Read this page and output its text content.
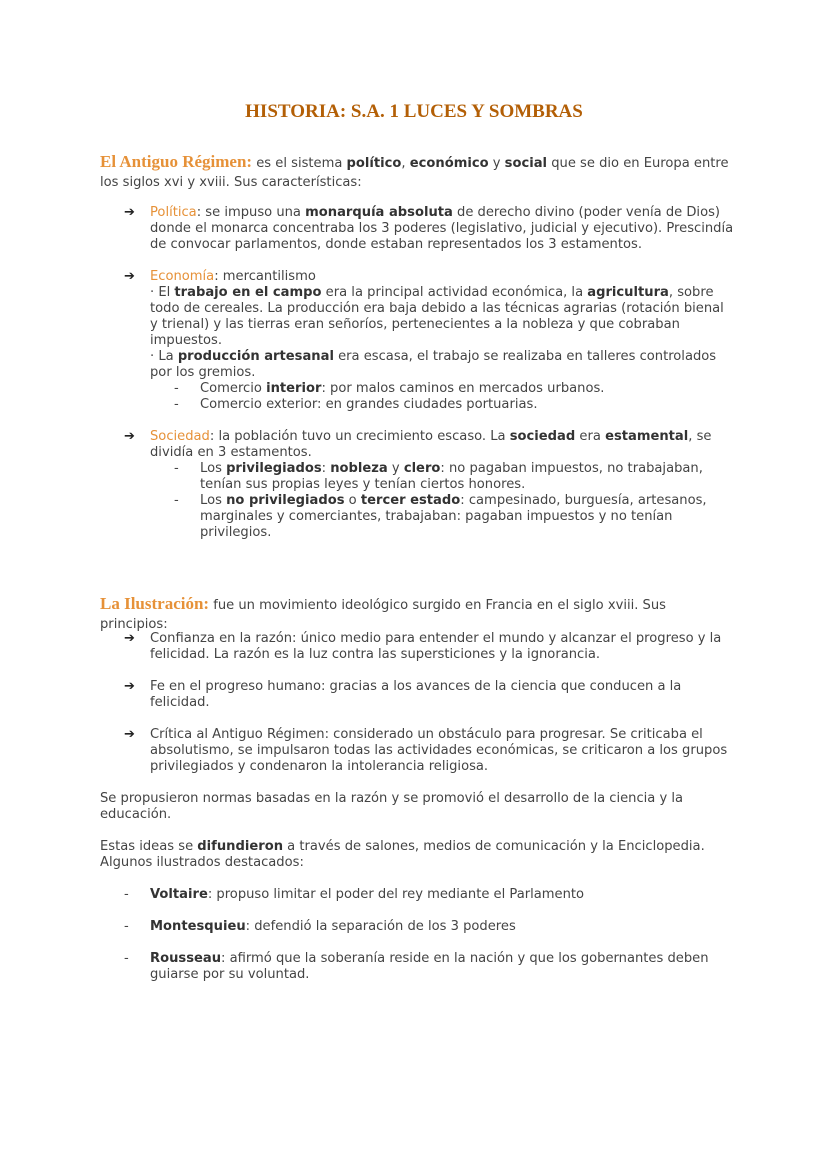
HISTORIA: S.A. 1 LUCES Y SOMBRAS
El Antiguo Régimen: es el sistema político, económico y social que se dio en Europa entre los siglos xvi y xviii. Sus características:
➔	Política: se impuso una monarquía absoluta de derecho divino (poder venía de Dios) donde el monarca concentraba los 3 poderes (legislativo, judicial y ejecutivo). Prescindía de convocar parlamentos, donde estaban representados los 3 estamentos.
➔	Economía: mercantilismo
· El trabajo en el campo era la principal actividad económica, la agricultura, sobre todo de cereales. La producción era baja debido a las técnicas agrarias (rotación bienal y trienal) y las tierras eran señoríos, pertenecientes a la nobleza y que cobraban impuestos.
· La producción artesanal era escasa, el trabajo se realizaba en talleres controlados por los gremios.
- Comercio interior: por malos caminos en mercados urbanos.
- Comercio exterior: en grandes ciudades portuarias.
➔	Sociedad: la población tuvo un crecimiento escaso. La sociedad era estamental, se dividía en 3 estamentos.
- Los privilegiados: nobleza y clero: no pagaban impuestos, no trabajaban, tenían sus propias leyes y tenían ciertos honores.
- Los no privilegiados o tercer estado: campesinado, burguesía, artesanos, marginales y comerciantes, trabajaban: pagaban impuestos y no tenían privilegios.
La Ilustración: fue un movimiento ideológico surgido en Francia en el siglo xviii. Sus principios:
➔	Confianza en la razón: único medio para entender el mundo y alcanzar el progreso y la felicidad. La razón es la luz contra las supersticiones y la ignorancia.
➔	Fe en el progreso humano: gracias a los avances de la ciencia que conducen a la felicidad.
➔	Crítica al Antiguo Régimen: considerado un obstáculo para progresar. Se criticaba el absolutismo, se impulsaron todas las actividades económicas, se criticaron a los grupos privilegiados y condenaron la intolerancia religiosa.
Se propusieron normas basadas en la razón y se promovió el desarrollo de la ciencia y la educación.
Estas ideas se difundieron a través de salones, medios de comunicación y la Enciclopedia. Algunos ilustrados destacados:
- Voltaire: propuso limitar el poder del rey mediante el Parlamento
- Montesquieu: defendió la separación de los 3 poderes
- Rousseau: afirmó que la soberanía reside en la nación y que los gobernantes deben guiarse por su voluntad.
